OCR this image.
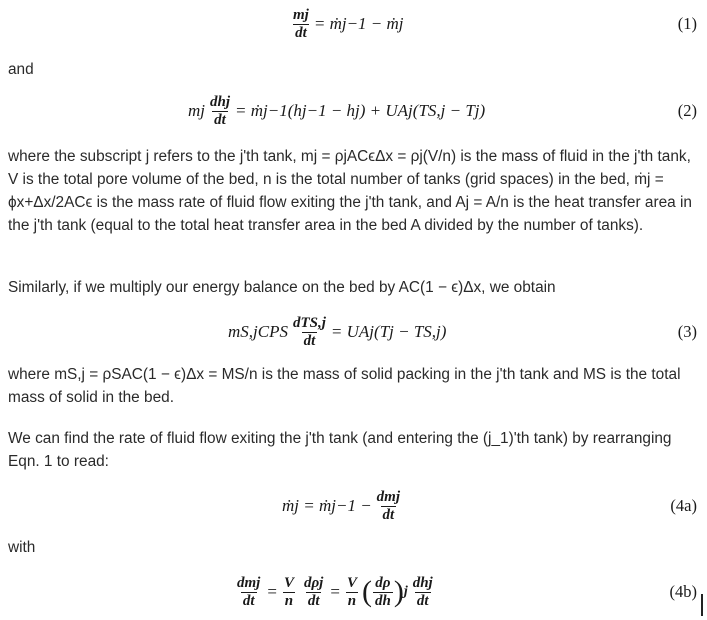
$\frac{mj}{dt}$ = ṁj−1 − ṁj	(1)
and
mj $\frac{\text{dhj}}{dt}$ = ṁj−1(hj−1 − hj) + UAj(TS,j − Tj)	(2)
where the subscript j refers to the j'th tank, mj = ρjACϵΔx = ρj(V/n) is the mass of fluid in the j'th tank, V is the total pore volume of the bed, n is the total number of tanks (grid spaces) in the bed, ṁj = ϕx+Δx/2ACϵ is the mass rate of fluid flow exiting the j'th tank, and Aj = A/n is the heat transfer area in the j'th tank (equal to the total heat transfer area in the bed A divided by the number of tanks).
Similarly, if we multiply our energy balance on the bed by AC(1 − ϵ)Δx, we obtain
mS,jCPS $\frac{\text{dTS,j}}{dt} = UAj(Tj - TS,j)$	(3)
where mS,j = ρSAC(1 − ϵ)Δx = MS/n is the mass of solid packing in the j'th tank and MS is the total mass of solid in the bed.
We can find the rate of fluid flow exiting the j'th tank (and entering the (j_1)'th tank) by rearranging Eqn. 1 to read:
ṁj = ṁj−1 − $\frac{\text{dmj}}{dt}$	(4a)
with
$\frac{\text{dmj}}{dt} = \frac{V}{n} \frac{\text{dρj}}{dt} = \frac{V}{n}$ ( $\frac{d\rho}{dh}$ ) j $\frac{\text{dhj}}{dt}$	(4b)
